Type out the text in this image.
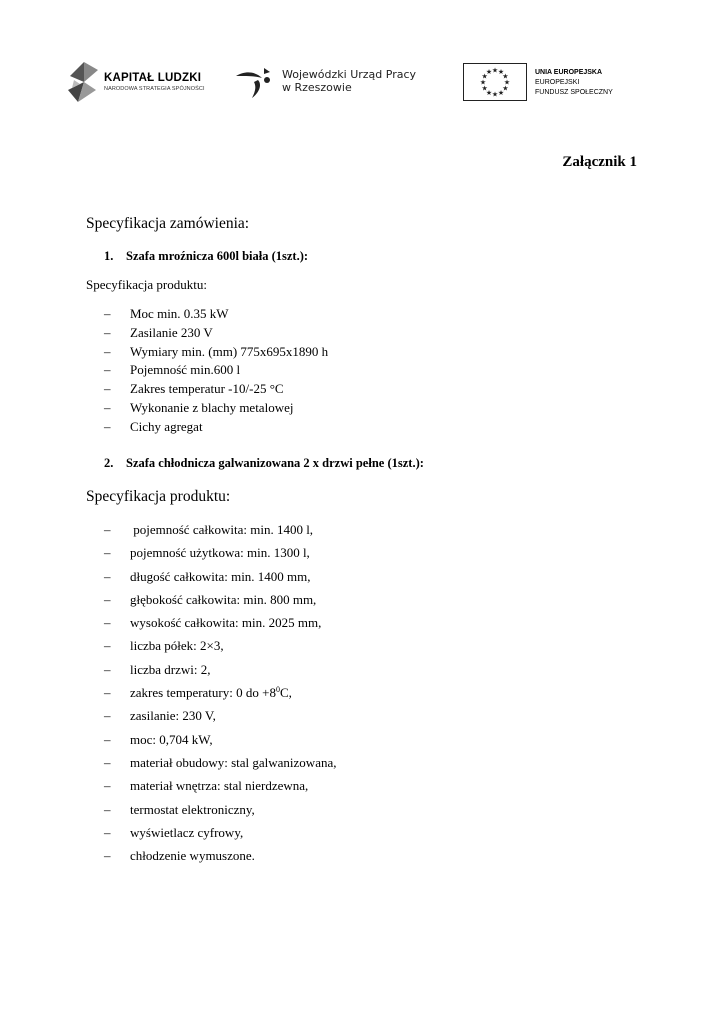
KAPITAŁ LUDZKI
NARODOWA STRATEGIA SPÓJNOŚCI
Wojewódzki Urząd Pracy
w Rzeszowie
★ ★
★
★
★
★
★
★
★
★
★
★	UNIA EUROPEJSKA
EUROPEJSKI
FUNDUSZ SPOŁECZNY
Załącznik 1
Specyfikacja zamówienia:
1. Szafa mroźnicza 600l biała (1szt.):
Specyfikacja produktu:
– Moc min. 0.35 kW
– Zasilanie 230 V
– Wymiary min. (mm) 775x695x1890 h
– Pojemność min.600 l
– Zakres temperatur -10/-25 °C
– Wykonanie z blachy metalowej
– Cichy agregat
2. Szafa chłodnicza galwanizowana 2 x drzwi pełne (1szt.):
Specyfikacja produktu:
– pojemność całkowita: min. 1400 l,
– pojemność użytkowa: min. 1300 l,
– długość całkowita: min. 1400 mm,
– głębokość całkowita: min. 800 mm,
– wysokość całkowita: min. 2025 mm,
– liczba półek: 2×3,
– liczba drzwi: 2,
– zakres temperatury: 0 do $+8^0C$,
– zasilanie: 230 V,
– moc: 0,704 kW,
– materiał obudowy: stal galwanizowana,
– materiał wnętrza: stal nierdzewna,
– termostat elektroniczny,
– wyświetlacz cyfrowy,
– chłodzenie wymuszone.
